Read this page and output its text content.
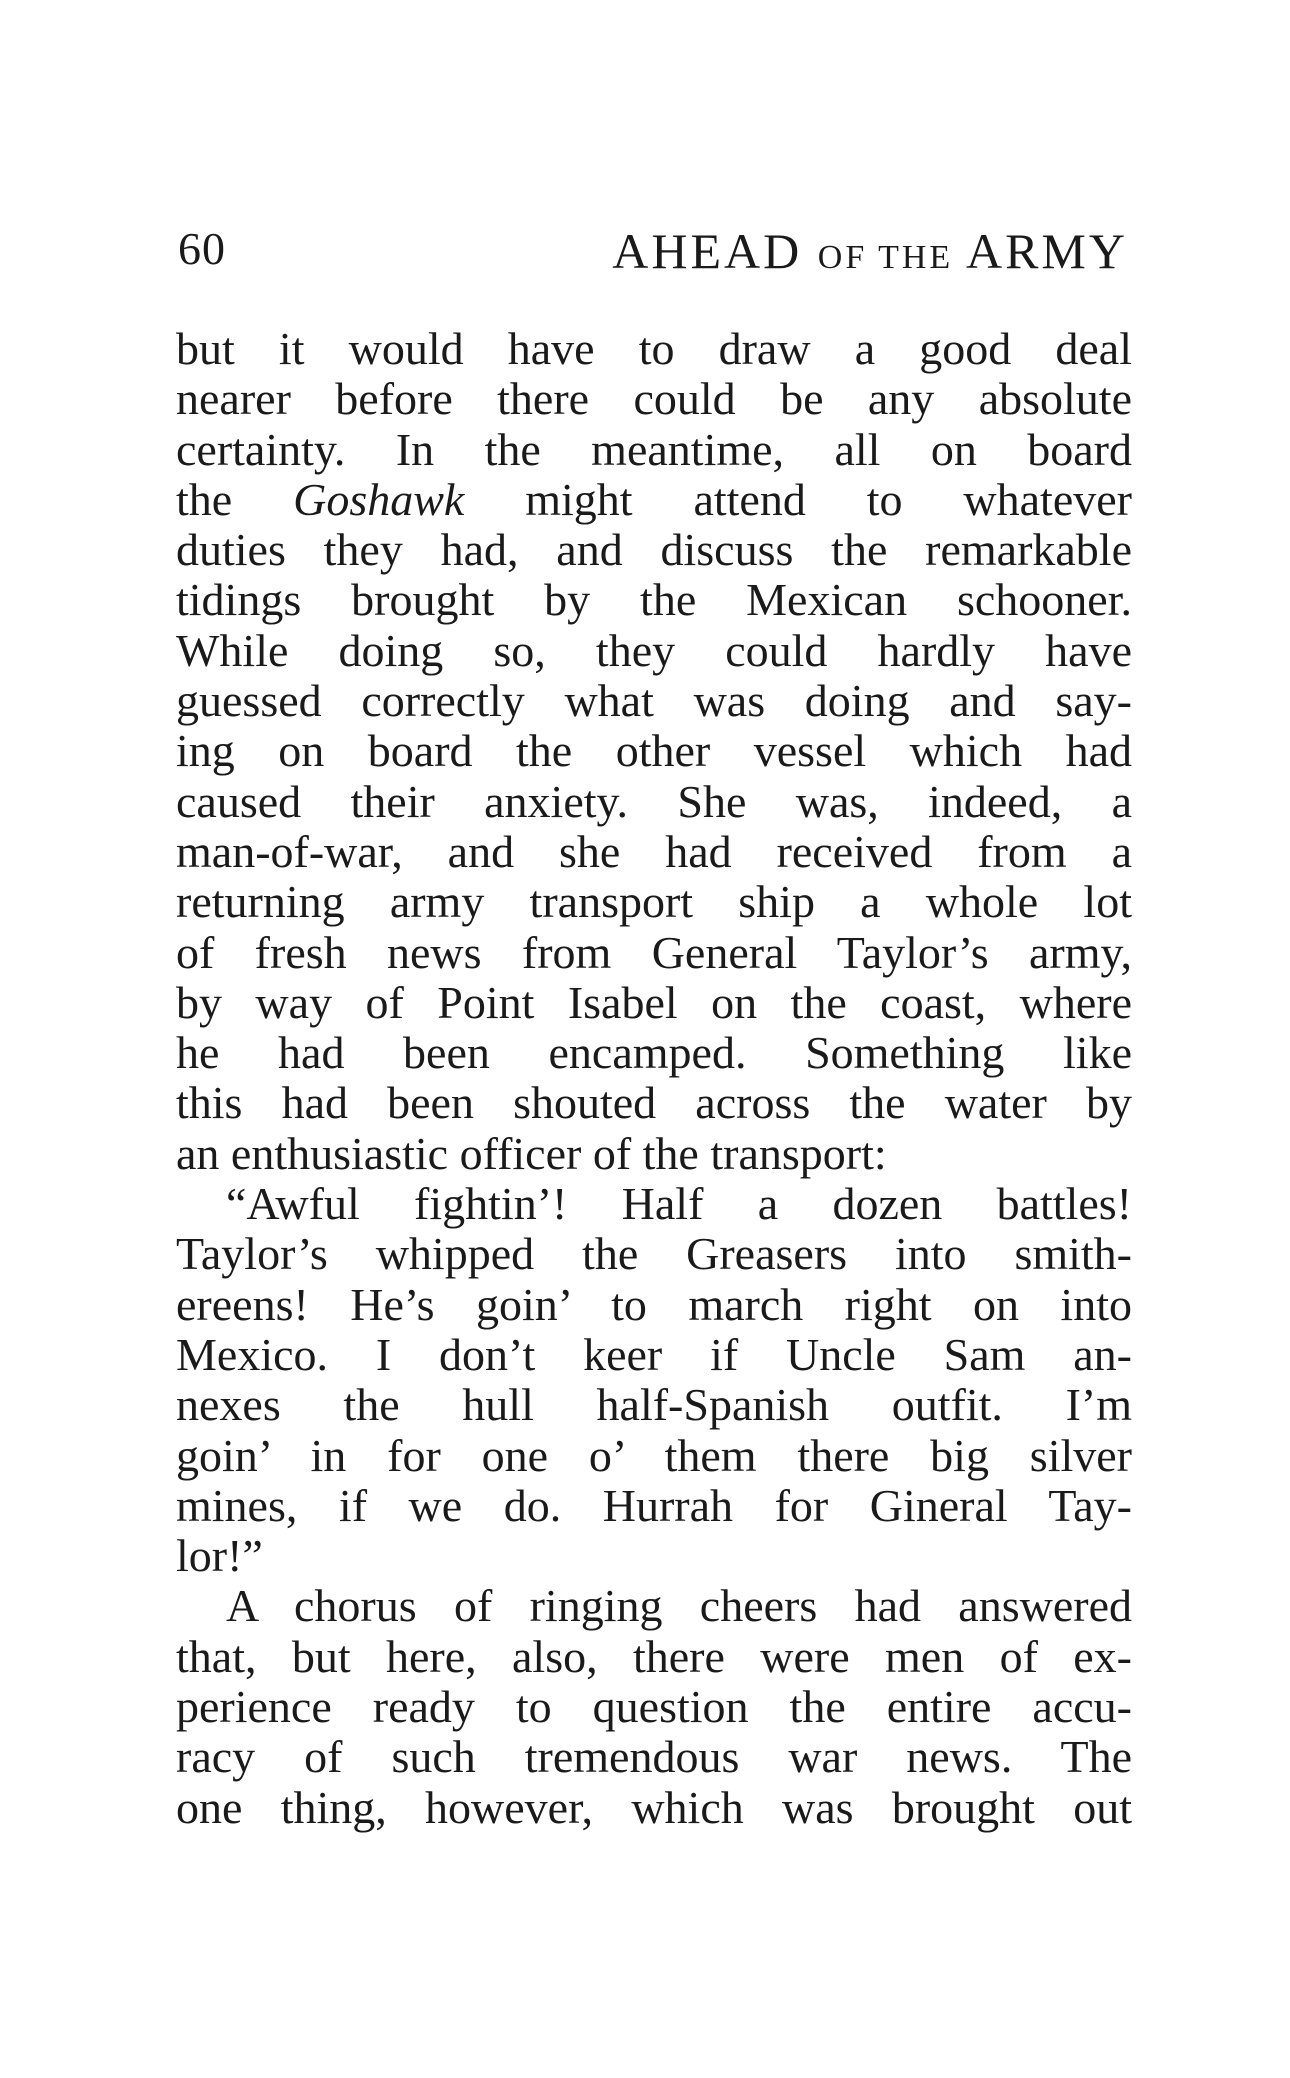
60	AHEAD OF THE ARMY
but it would have to draw a good deal
nearer before there could be any absolute
certainty. In the meantime, all on board
the Goshawk might attend to whatever
duties they had, and discuss the remarkable
tidings brought by the Mexican schooner.
While doing so, they could hardly have
guessed correctly what was doing and say-
ing on board the other vessel which had
caused their anxiety. She was, indeed, a
man-of-war, and she had received from a
returning army transport ship a whole lot
of fresh news from General Taylor’s army,
by way of Point Isabel on the coast, where
he had been encamped. Something like
this had been shouted across the water by
an enthusiastic officer of the transport:
“Awful fightin’! Half a dozen battles!
Taylor’s whipped the Greasers into smith-
ereens! He’s goin’ to march right on into
Mexico. I don’t keer if Uncle Sam an-
nexes the hull half-Spanish outfit. I’m
goin’ in for one o’ them there big silver
mines, if we do. Hurrah for Gineral Tay-
lor!”
A chorus of ringing cheers had answered
that, but here, also, there were men of ex-
perience ready to question the entire accu-
racy of such tremendous war news. The
one thing, however, which was brought out
